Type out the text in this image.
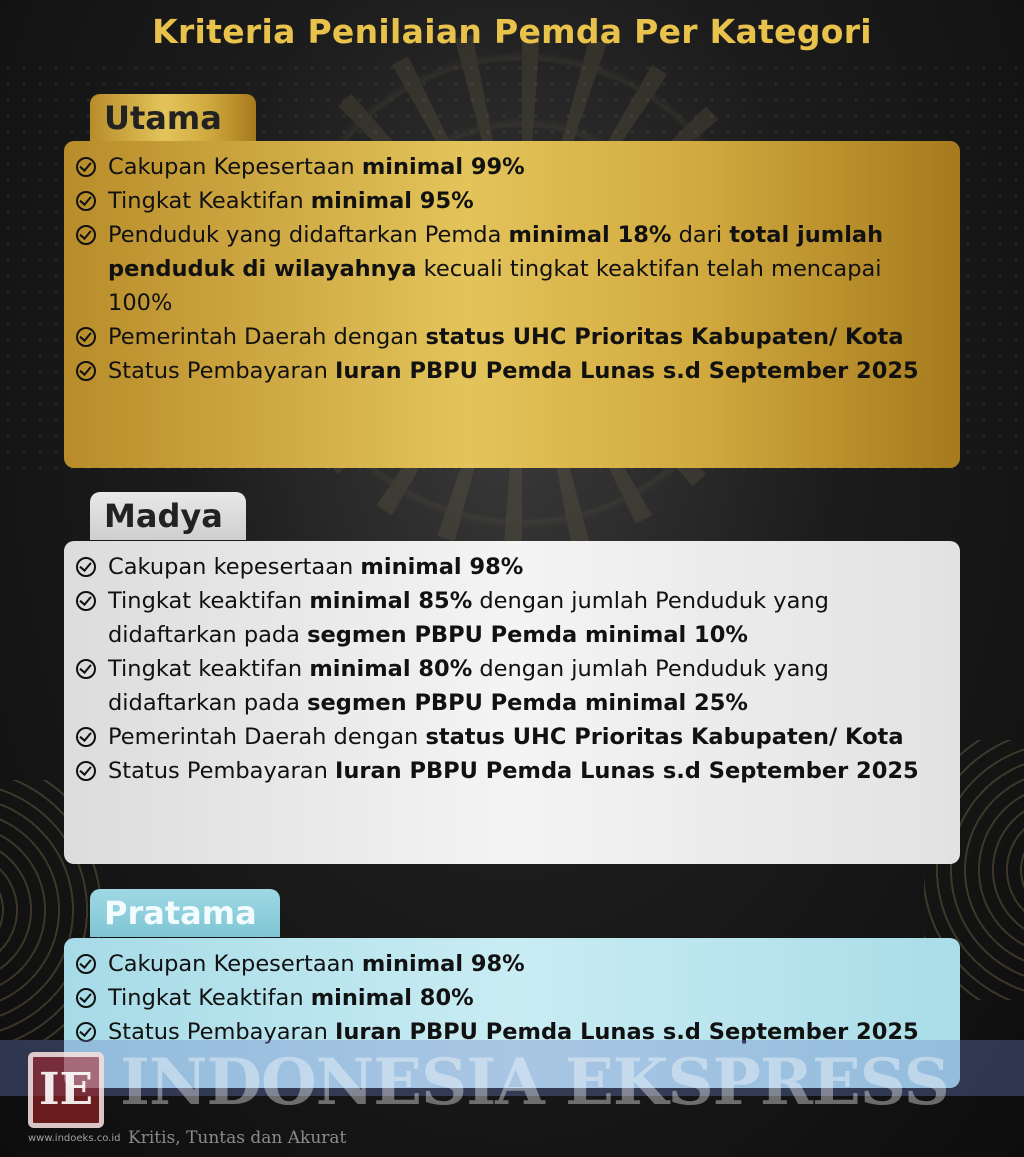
Kriteria Penilaian Pemda Per Kategori
Utama
Cakupan Kepesertaan minimal 99%
Tingkat Keaktifan minimal 95%
Penduduk yang didaftarkan Pemda minimal 18% dari total jumlah penduduk di wilayahnya kecuali tingkat keaktifan telah mencapai 100%
Pemerintah Daerah dengan status UHC Prioritas Kabupaten/ Kota
Status Pembayaran Iuran PBPU Pemda Lunas s.d September 2025
Madya
Cakupan kepesertaan minimal 98%
Tingkat keaktifan minimal 85% dengan jumlah Penduduk yang didaftarkan pada segmen PBPU Pemda minimal 10%
Tingkat keaktifan minimal 80% dengan jumlah Penduduk yang didaftarkan pada segmen PBPU Pemda minimal 25%
Pemerintah Daerah dengan status UHC Prioritas Kabupaten/ Kota
Status Pembayaran Iuran PBPU Pemda Lunas s.d September 2025
Pratama
Cakupan Kepesertaan minimal 98%
Tingkat Keaktifan minimal 80%
Status Pembayaran Iuran PBPU Pemda Lunas s.d September 2025
IE INDONESIA EKSPRESS
Kritis, Tuntas dan Akurat
www.indoeks.co.id
